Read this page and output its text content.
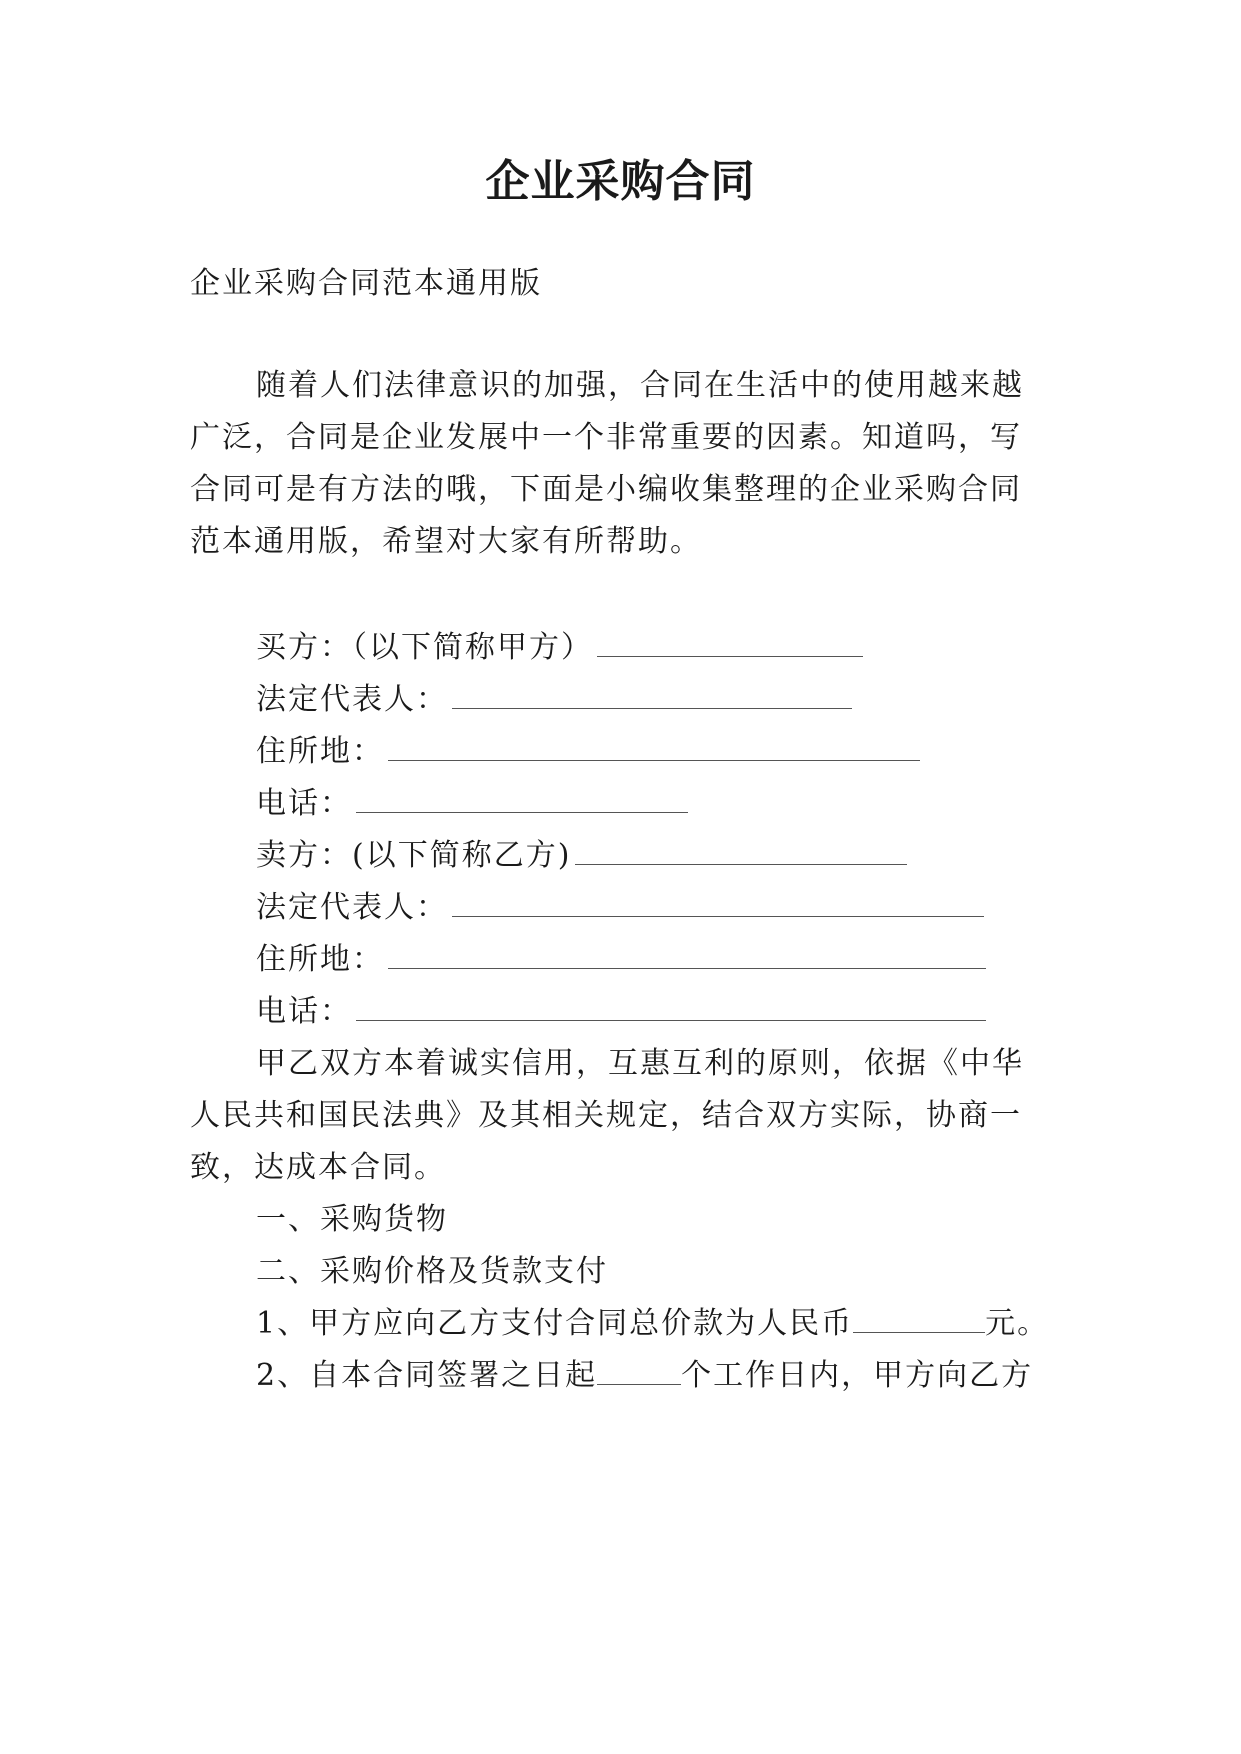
企业采购合同
企业采购合同范本通用版
随着人们法律意识的加强，合同在生活中的使用越来越
广泛，合同是企业发展中一个非常重要的因素。知道吗，写
合同可是有方法的哦，下面是小编收集整理的企业采购合同
范本通用版，希望对大家有所帮助。
买方：（以下简称甲方）
法定代表人：
住所地：
电话：
卖方：(以下简称乙方)
法定代表人：
住所地：
电话：
甲乙双方本着诚实信用，互惠互利的原则，依据《中华
人民共和国民法典》及其相关规定，结合双方实际，协商一
致，达成本合同。
一、采购货物
二、采购价格及货款支付
1、甲方应向乙方支付合同总价款为人民币	元。
2、自本合同签署之日起	个工作日内，甲方向乙方
